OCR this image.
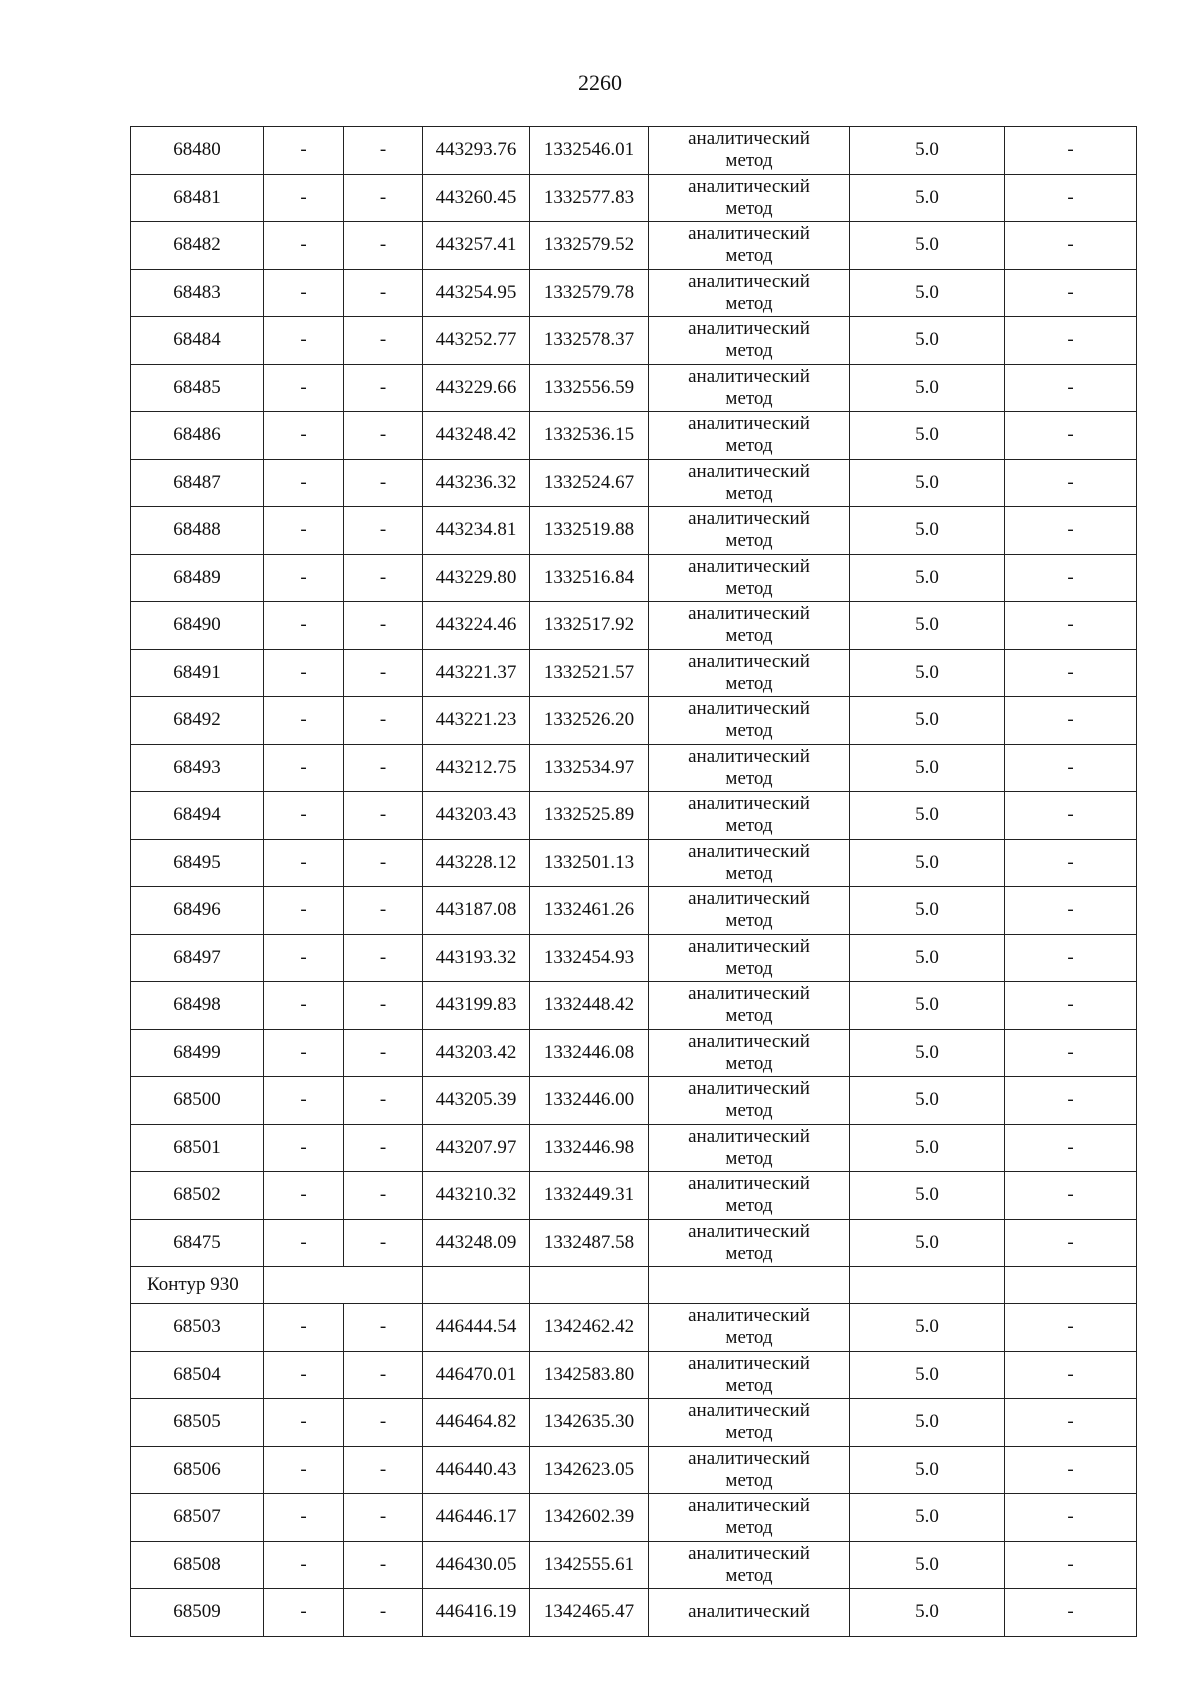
2260
68480	-	-	443293.76	1332546.01	аналитический
метод	5.0	-
68481	-	-	443260.45	1332577.83	аналитический
метод	5.0	-
68482	-	-	443257.41	1332579.52	аналитический
метод	5.0	-
68483	-	-	443254.95	1332579.78	аналитический
метод	5.0	-
68484	-	-	443252.77	1332578.37	аналитический
метод	5.0	-
68485	-	-	443229.66	1332556.59	аналитический
метод	5.0	-
68486	-	-	443248.42	1332536.15	аналитический
метод	5.0	-
68487	-	-	443236.32	1332524.67	аналитический
метод	5.0	-
68488	-	-	443234.81	1332519.88	аналитический
метод	5.0	-
68489	-	-	443229.80	1332516.84	аналитический
метод	5.0	-
68490	-	-	443224.46	1332517.92	аналитический
метод	5.0	-
68491	-	-	443221.37	1332521.57	аналитический
метод	5.0	-
68492	-	-	443221.23	1332526.20	аналитический
метод	5.0	-
68493	-	-	443212.75	1332534.97	аналитический
метод	5.0	-
68494	-	-	443203.43	1332525.89	аналитический
метод	5.0	-
68495	-	-	443228.12	1332501.13	аналитический
метод	5.0	-
68496	-	-	443187.08	1332461.26	аналитический
метод	5.0	-
68497	-	-	443193.32	1332454.93	аналитический
метод	5.0	-
68498	-	-	443199.83	1332448.42	аналитический
метод	5.0	-
68499	-	-	443203.42	1332446.08	аналитический
метод	5.0	-
68500	-	-	443205.39	1332446.00	аналитический
метод	5.0	-
68501	-	-	443207.97	1332446.98	аналитический
метод	5.0	-
68502	-	-	443210.32	1332449.31	аналитический
метод	5.0	-
68475	-	-	443248.09	1332487.58	аналитический
метод	5.0	-
Контур 930							
68503	-	-	446444.54	1342462.42	аналитический
метод	5.0	-
68504	-	-	446470.01	1342583.80	аналитический
метод	5.0	-
68505	-	-	446464.82	1342635.30	аналитический
метод	5.0	-
68506	-	-	446440.43	1342623.05	аналитический
метод	5.0	-
68507	-	-	446446.17	1342602.39	аналитический
метод	5.0	-
68508	-	-	446430.05	1342555.61	аналитический
метод	5.0	-
68509	-	-	446416.19	1342465.47	аналитический	5.0	-
